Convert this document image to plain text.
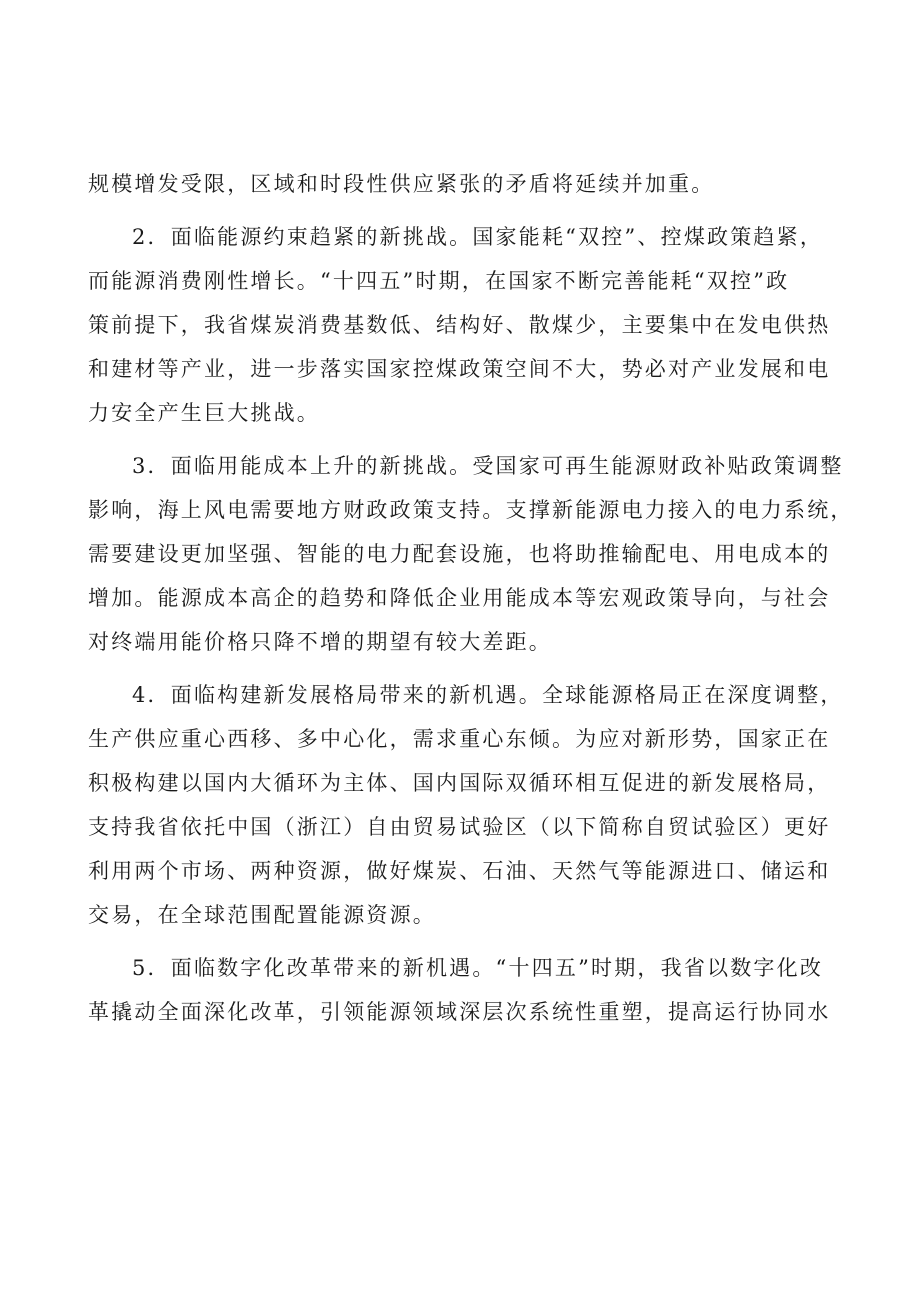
规模增发受限，区域和时段性供应紧张的矛盾将延续并加重。
2．面临能源约束趋紧的新挑战。国家能耗“双控”、控煤政策趋紧，
而能源消费刚性增长。“十四五”时期，在国家不断完善能耗“双控”政
策前提下，我省煤炭消费基数低、结构好、散煤少，主要集中在发电供热
和建材等产业，进一步落实国家控煤政策空间不大，势必对产业发展和电
力安全产生巨大挑战。
3．面临用能成本上升的新挑战。受国家可再生能源财政补贴政策调整
影响，海上风电需要地方财政政策支持。支撑新能源电力接入的电力系统，
需要建设更加坚强、智能的电力配套设施，也将助推输配电、用电成本的
增加。能源成本高企的趋势和降低企业用能成本等宏观政策导向，与社会
对终端用能价格只降不增的期望有较大差距。
4．面临构建新发展格局带来的新机遇。全球能源格局正在深度调整，
生产供应重心西移、多中心化，需求重心东倾。为应对新形势，国家正在
积极构建以国内大循环为主体、国内国际双循环相互促进的新发展格局，
支持我省依托中国（浙江）自由贸易试验区（以下简称自贸试验区）更好
利用两个市场、两种资源，做好煤炭、石油、天然气等能源进口、储运和
交易，在全球范围配置能源资源。
5．面临数字化改革带来的新机遇。“十四五”时期，我省以数字化改
革撬动全面深化改革，引领能源领域深层次系统性重塑，提高运行协同水
